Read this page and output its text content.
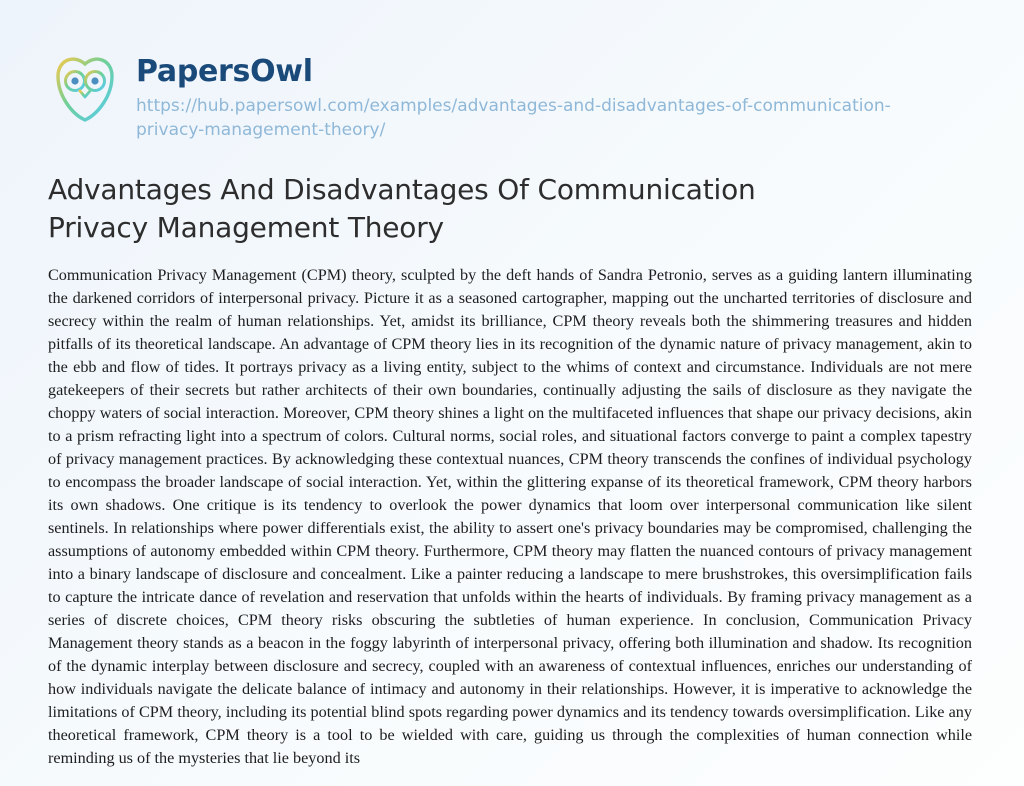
PapersOwl
https://hub.papersowl.com/examples/advantages-and-disadvantages-of-communication-privacy-management-theory/
Advantages And Disadvantages Of Communication Privacy Management Theory
Communication Privacy Management (CPM) theory, sculpted by the deft hands of Sandra Petronio, serves as a guiding lantern illuminating the darkened corridors of interpersonal privacy. Picture it as a seasoned cartographer, mapping out the uncharted territories of disclosure and secrecy within the realm of human relationships. Yet, amidst its brilliance, CPM theory reveals both the shimmering treasures and hidden pitfalls of its theoretical landscape. An advantage of CPM theory lies in its recognition of the dynamic nature of privacy management, akin to the ebb and flow of tides. It portrays privacy as a living entity, subject to the whims of context and circumstance. Individuals are not mere gatekeepers of their secrets but rather architects of their own boundaries, continually adjusting the sails of disclosure as they navigate the choppy waters of social interaction. Moreover, CPM theory shines a light on the multifaceted influences that shape our privacy decisions, akin to a prism refracting light into a spectrum of colors. Cultural norms, social roles, and situational factors converge to paint a complex tapestry of privacy management practices. By acknowledging these contextual nuances, CPM theory transcends the confines of individual psychology to encompass the broader landscape of social interaction. Yet, within the glittering expanse of its theoretical framework, CPM theory harbors its own shadows. One critique is its tendency to overlook the power dynamics that loom over interpersonal communication like silent sentinels. In relationships where power differentials exist, the ability to assert one's privacy boundaries may be compromised, challenging the assumptions of autonomy embedded within CPM theory. Furthermore, CPM theory may flatten the nuanced contours of privacy management into a binary landscape of disclosure and concealment. Like a painter reducing a landscape to mere brushstrokes, this oversimplification fails to capture the intricate dance of revelation and reservation that unfolds within the hearts of individuals. By framing privacy management as a series of discrete choices, CPM theory risks obscuring the subtleties of human experience. In conclusion, Communication Privacy Management theory stands as a beacon in the foggy labyrinth of interpersonal privacy, offering both illumination and shadow. Its recognition of the dynamic interplay between disclosure and secrecy, coupled with an awareness of contextual influences, enriches our understanding of how individuals navigate the delicate balance of intimacy and autonomy in their relationships. However, it is imperative to acknowledge the limitations of CPM theory, including its potential blind spots regarding power dynamics and its tendency towards oversimplification. Like any theoretical framework, CPM theory is a tool to be wielded with care, guiding us through the complexities of human connection while reminding us of the mysteries that lie beyond its
